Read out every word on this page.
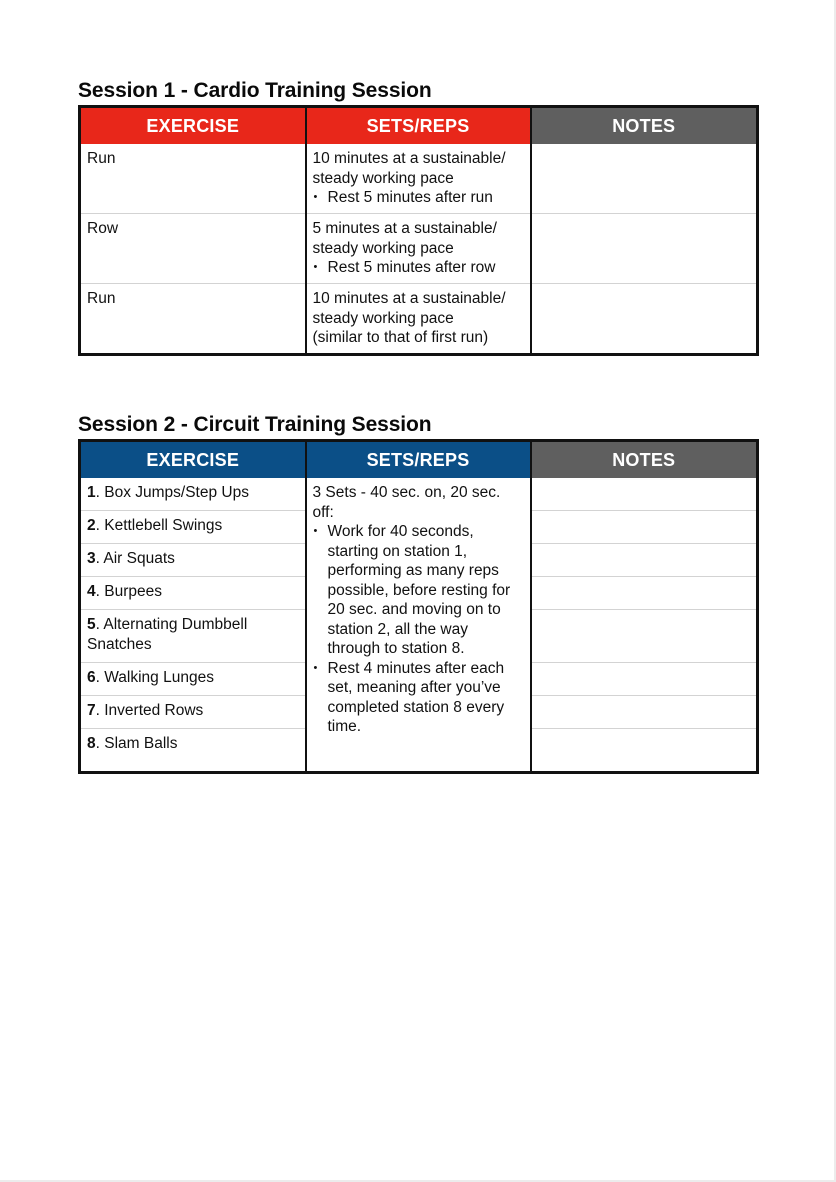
Session 1 - Cardio Training Session
EXERCISE	SETS/REPS	NOTES
Run	10 minutes at a sustainable/
steady working pace
• Rest 5 minutes after run	

Row	5 minutes at a sustainable/
steady working pace
• Rest 5 minutes after row	

Run	10 minutes at a sustainable/
steady working pace
(similar to that of first run)	

Session 2 - Circuit Training Session
EXERCISE	SETS/REPS	NOTES
1. Box Jumps/Step Ups	3 Sets - 40 sec. on, 20 sec. off:
• Work for 40 seconds, starting on station 1, performing as many reps possible, before resting for 20 sec. and moving on to station 2, all the way through to station 8.
• Rest 4 minutes after each set, meaning after you’ve completed station 8 every time.	

2. Kettlebell Swings		
3. Air Squats		
4. Burpees		
5. Alternating Dumbbell Snatches		
6. Walking Lunges		
7. Inverted Rows		
8. Slam Balls		
